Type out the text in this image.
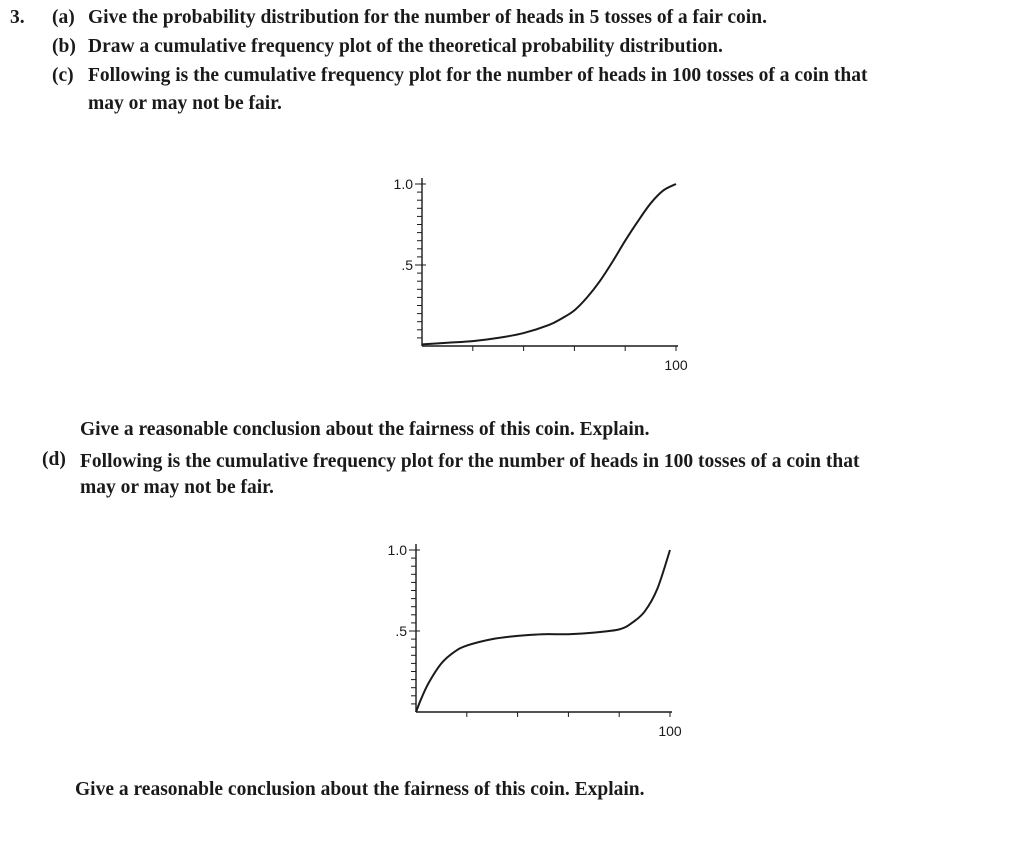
3. (a) Give the probability distribution for the number of heads in 5 tosses of a fair coin.
(b) Draw a cumulative frequency plot of the theoretical probability distribution.
(c) Following is the cumulative frequency plot for the number of heads in 100 tosses of a coin that
may or may not be fair.
1.0
.5
100
Give a reasonable conclusion about the fairness of this coin. Explain.
(d) Following is the cumulative frequency plot for the number of heads in 100 tosses of a coin that
may or may not be fair.
1.0
.5
100
Give a reasonable conclusion about the fairness of this coin. Explain.
